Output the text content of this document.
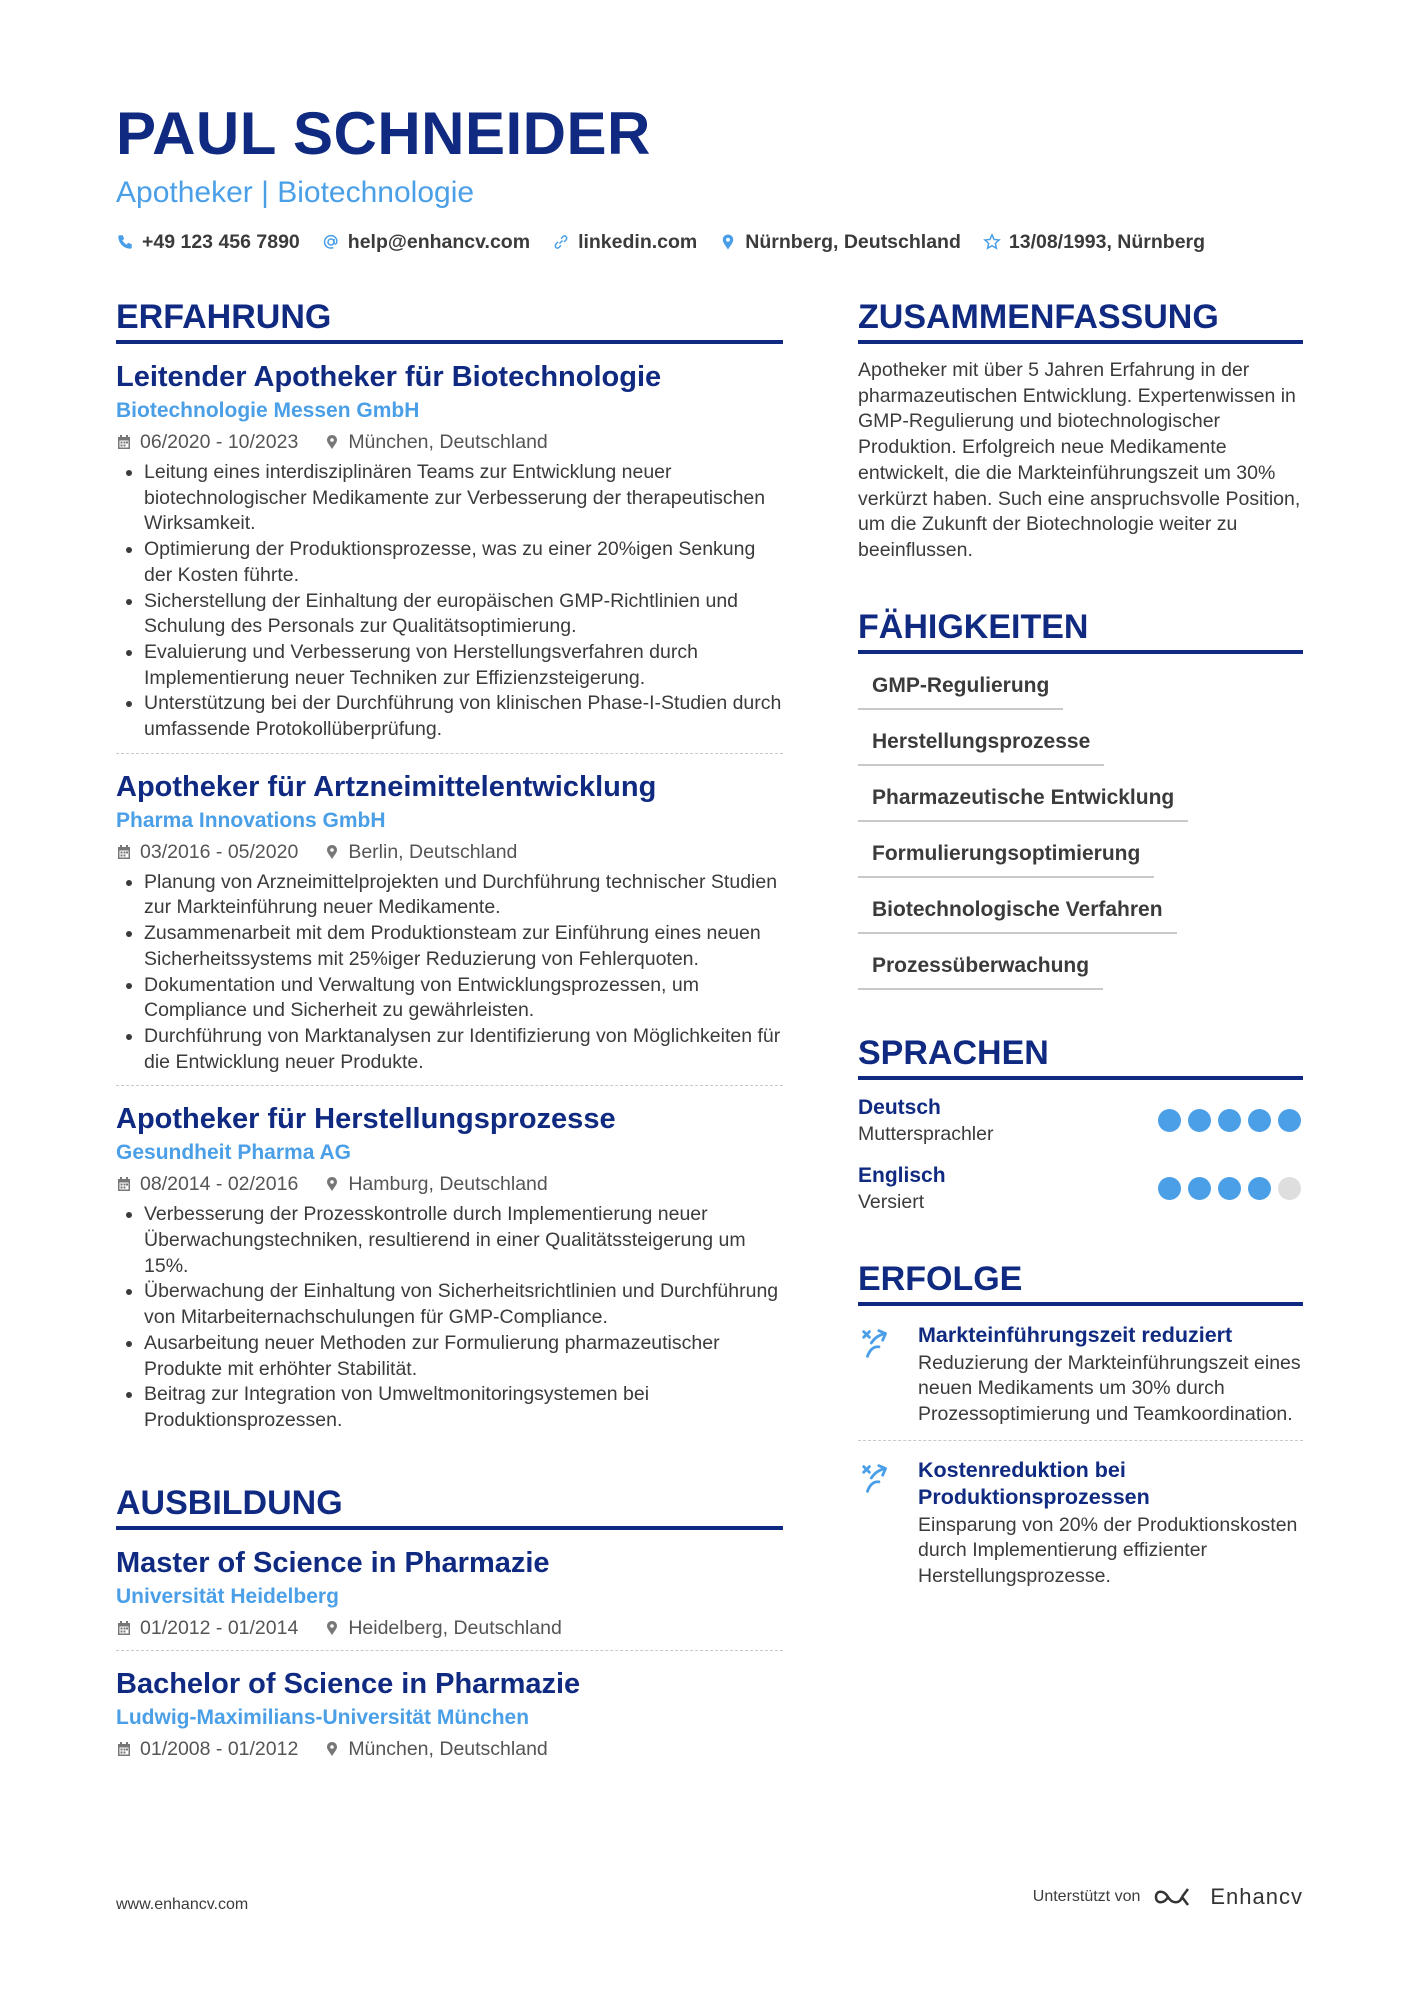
PAUL SCHNEIDER
Apotheker | Biotechnologie
+49 123 456 7890 help@enhancv.com linkedin.com Nürnberg, Deutschland 13/08/1993, Nürnberg
ERFAHRUNG
Leitender Apotheker für Biotechnologie
Biotechnologie Messen GmbH
06/2020 - 10/2023	München, Deutschland
• Leitung eines interdisziplinären Teams zur Entwicklung neuer biotechnologischer Medikamente zur Verbesserung der therapeutischen Wirksamkeit.
• Optimierung der Produktionsprozesse, was zu einer 20%igen Senkung der Kosten führte.
• Sicherstellung der Einhaltung der europäischen GMP-Richtlinien und Schulung des Personals zur Qualitätsoptimierung.
• Evaluierung und Verbesserung von Herstellungsverfahren durch Implementierung neuer Techniken zur Effizienzsteigerung.
• Unterstützung bei der Durchführung von klinischen Phase-I-Studien durch umfassende Protokollüberprüfung.
Apotheker für Artzneimittelentwicklung
Pharma Innovations GmbH
03/2016 - 05/2020	Berlin, Deutschland
• Planung von Arzneimittelprojekten und Durchführung technischer Studien zur Markteinführung neuer Medikamente.
• Zusammenarbeit mit dem Produktionsteam zur Einführung eines neuen Sicherheitssystems mit 25%iger Reduzierung von Fehlerquoten.
• Dokumentation und Verwaltung von Entwicklungsprozessen, um Compliance und Sicherheit zu gewährleisten.
• Durchführung von Marktanalysen zur Identifizierung von Möglichkeiten für die Entwicklung neuer Produkte.
Apotheker für Herstellungsprozesse
Gesundheit Pharma AG
08/2014 - 02/2016	Hamburg, Deutschland
• Verbesserung der Prozesskontrolle durch Implementierung neuer Überwachungstechniken, resultierend in einer Qualitätssteigerung um 15%.
• Überwachung der Einhaltung von Sicherheitsrichtlinien und Durchführung von Mitarbeiternachschulungen für GMP-Compliance.
• Ausarbeitung neuer Methoden zur Formulierung pharmazeutischer Produkte mit erhöhter Stabilität.
• Beitrag zur Integration von Umweltmonitoringsystemen bei Produktionsprozessen.
AUSBILDUNG
Master of Science in Pharmazie
Universität Heidelberg
01/2012 - 01/2014	Heidelberg, Deutschland
Bachelor of Science in Pharmazie
Ludwig-Maximilians-Universität München
01/2008 - 01/2012	München, Deutschland
ZUSAMMENFASSUNG

Apotheker mit über 5 Jahren Erfahrung in der pharmazeutischen Entwicklung. Expertenwissen in GMP-Regulierung und biotechnologischer Produktion. Erfolgreich neue Medikamente entwickelt, die die Markteinführungszeit um 30% verkürzt haben. Such eine anspruchsvolle Position, um die Zukunft der Biotechnologie weiter zu beeinflussen.

FÄHIGKEITEN
GMP-Regulierung
Herstellungsprozesse
Pharmazeutische Entwicklung
Formulierungsoptimierung
Biotechnologische Verfahren
Prozessüberwachung
SPRACHEN
Deutsch
Muttersprachler
Englisch
Versiert
ERFOLGE
Markteinführungszeit reduziert
Reduzierung der Markteinführungszeit eines neuen Medikaments um 30% durch Prozessoptimierung und Teamkoordination.
Kostenreduktion bei Produktionsprozessen
Einsparung von 20% der Produktionskosten durch Implementierung effizienter Herstellungsprozesse.
www.enhancv.com	Unterstützt von	Enhancv
